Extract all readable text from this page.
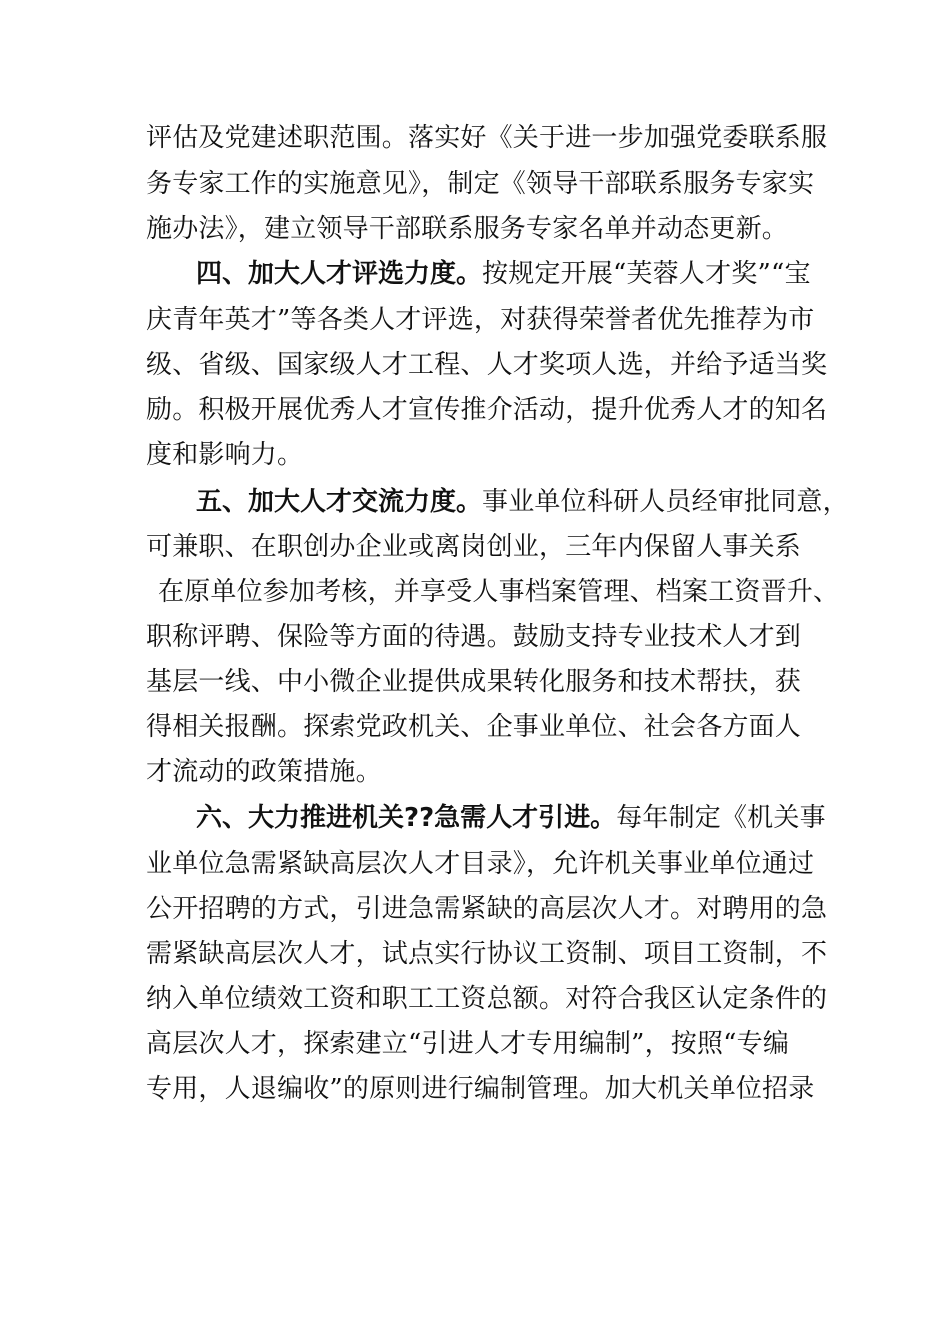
评估及党建述职范围。落实好《关于进一步加强党委联系服
务专家工作的实施意见》，制定《领导干部联系服务专家实
施办法》，建立领导干部联系服务专家名单并动态更新。
四、加大人才评选力度。按规定开展“芙蓉人才奖”“宝
庆青年英才”等各类人才评选，对获得荣誉者优先推荐为市
级、省级、国家级人才工程、人才奖项人选，并给予适当奖
励。积极开展优秀人才宣传推介活动，提升优秀人才的知名
度和影响力。
五、加大人才交流力度。事业单位科研人员经审批同意，
可兼职、在职创办企业或离岗创业，三年内保留人事关系
在原单位参加考核，并享受人事档案管理、档案工资晋升、
职称评聘、保险等方面的待遇。鼓励支持专业技术人才到
基层一线、中小微企业提供成果转化服务和技术帮扶，获
得相关报酬。探索党政机关、企事业单位、社会各方面人
才流动的政策措施。
六、大力推进机关??急需人才引进。每年制定《机关事
业单位急需紧缺高层次人才目录》，允许机关事业单位通过
公开招聘的方式，引进急需紧缺的高层次人才。对聘用的急
需紧缺高层次人才，试点实行协议工资制、项目工资制，不
纳入单位绩效工资和职工工资总额。对符合我区认定条件的
高层次人才，探索建立“引进人才专用编制”，按照“专编
专用，人退编收”的原则进行编制管理。加大机关单位招录
